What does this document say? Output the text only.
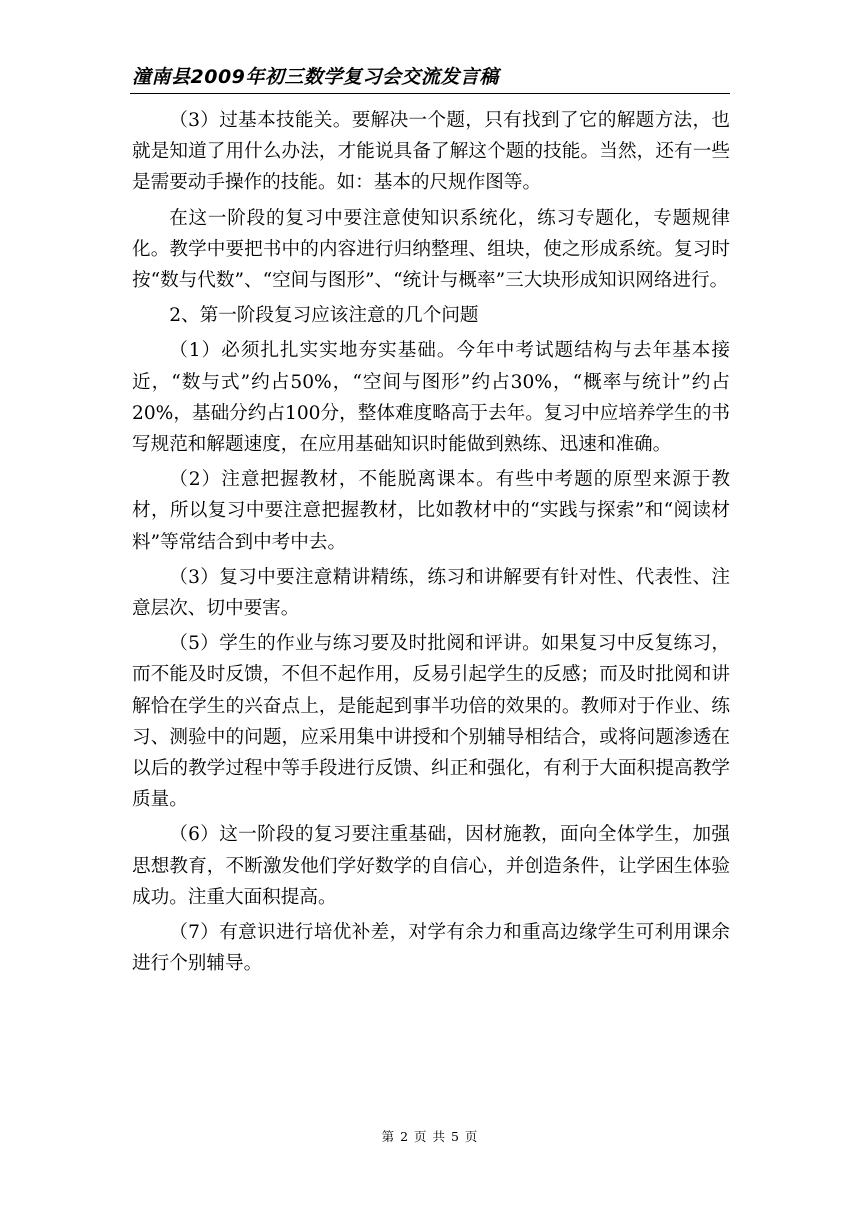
潼南县2009年初三数学复习会交流发言稿

（3）过基本技能关。要解决一个题，只有找到了它的解题方法，也就是知道了用什么办法，才能说具备了解这个题的技能。当然，还有一些是需要动手操作的技能。如：基本的尺规作图等。

在这一阶段的复习中要注意使知识系统化，练习专题化，专题规律化。教学中要把书中的内容进行归纳整理、组块，使之形成系统。复习时按“数与代数”、“空间与图形”、“统计与概率”三大块形成知识网络进行。

2、第一阶段复习应该注意的几个问题

（1）必须扎扎实实地夯实基础。今年中考试题结构与去年基本接近，“数与式”约占50%，“空间与图形”约占30%，“概率与统计”约占20%，基础分约占100分，整体难度略高于去年。复习中应培养学生的书写规范和解题速度，在应用基础知识时能做到熟练、迅速和准确。

（2）注意把握教材，不能脱离课本。有些中考题的原型来源于教材，所以复习中要注意把握教材，比如教材中的“实践与探索”和“阅读材料”等常结合到中考中去。

（3）复习中要注意精讲精练，练习和讲解要有针对性、代表性、注意层次、切中要害。

（5）学生的作业与练习要及时批阅和评讲。如果复习中反复练习，而不能及时反馈，不但不起作用，反易引起学生的反感；而及时批阅和讲解恰在学生的兴奋点上，是能起到事半功倍的效果的。教师对于作业、练习、测验中的问题，应采用集中讲授和个别辅导相结合，或将问题渗透在以后的教学过程中等手段进行反馈、纠正和强化，有利于大面积提高教学质量。

（6）这一阶段的复习要注重基础，因材施教，面向全体学生，加强思想教育，不断激发他们学好数学的自信心，并创造条件，让学困生体验成功。注重大面积提高。

（7）有意识进行培优补差，对学有余力和重高边缘学生可利用课余进行个别辅导。

第 2 页 共 5 页
